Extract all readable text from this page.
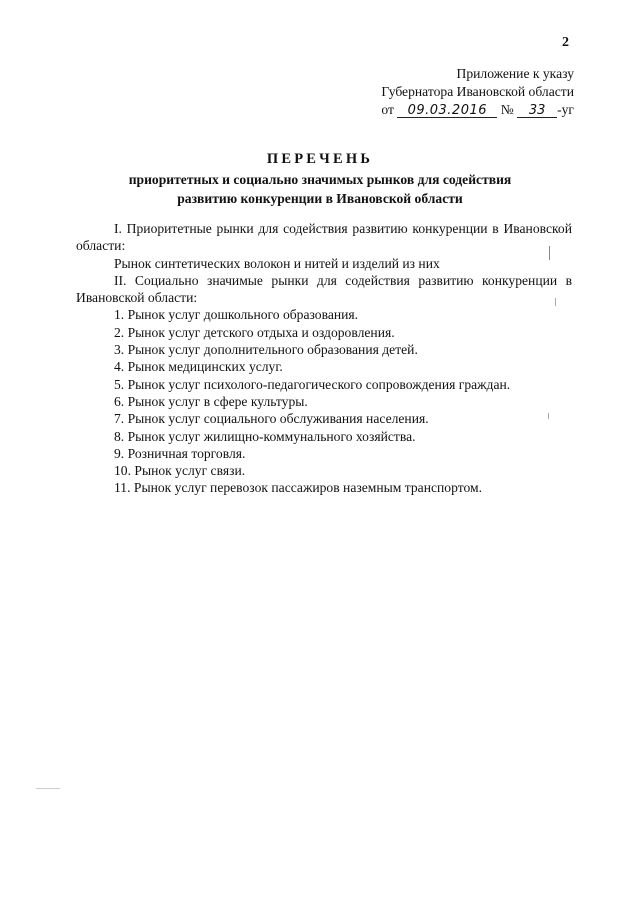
2
Приложение к указу
Губернатора Ивановской области
от 09.03.2016 № 33 -уг
ПЕРЕЧЕНЬ
приоритетных и социально значимых рынков для содействия
развитию конкуренции в Ивановской области

I. Приоритетные рынки для содействия развитию конкуренции в Ивановской области:

Рынок синтетических волокон и нитей и изделий из них

II. Социально значимые рынки для содействия развитию конкуренции в Ивановской области:

1. Рынок услуг дошкольного образования.

2. Рынок услуг детского отдыха и оздоровления.

3. Рынок услуг дополнительного образования детей.

4. Рынок медицинских услуг.

5. Рынок услуг психолого-педагогического сопровождения граждан.

6. Рынок услуг в сфере культуры.

7. Рынок услуг социального обслуживания населения.

8. Рынок услуг жилищно-коммунального хозяйства.

9. Розничная торговля.

10. Рынок услуг связи.

11. Рынок услуг перевозок пассажиров наземным транспортом.
